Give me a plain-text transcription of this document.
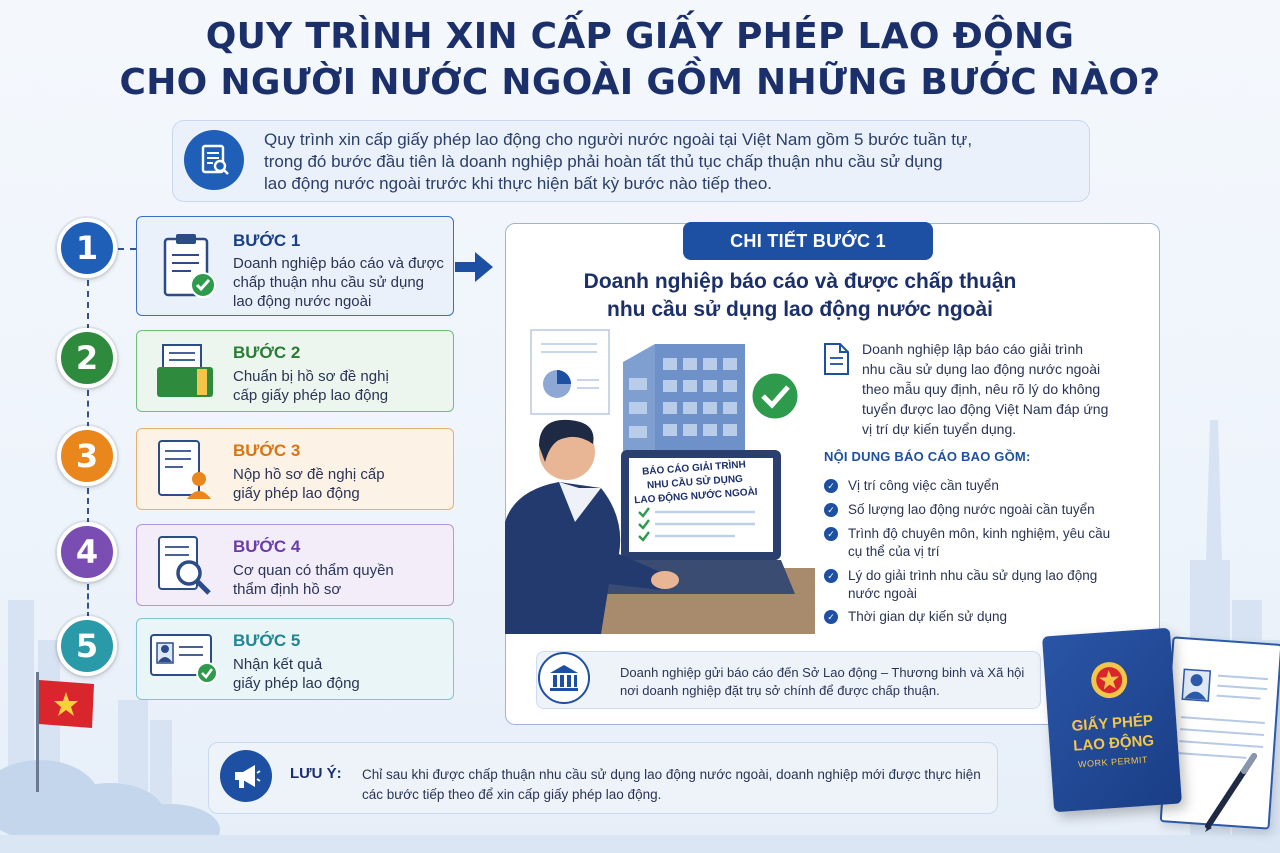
QUY TRÌNH XIN CẤP GIẤY PHÉP LAO ĐỘNG
CHO NGƯỜI NƯỚC NGOÀI GỒM NHỮNG BƯỚC NÀO?
Quy trình xin cấp giấy phép lao động cho người nước ngoài tại Việt Nam gồm 5 bước tuần tự,
trong đó bước đầu tiên là doanh nghiệp phải hoàn tất thủ tục chấp thuận nhu cầu sử dụng
lao động nước ngoài trước khi thực hiện bất kỳ bước nào tiếp theo.
1	BƯỚC 1
Doanh nghiệp báo cáo và được
chấp thuận nhu cầu sử dụng
lao động nước ngoài
2	BƯỚC 2
Chuẩn bị hồ sơ đề nghị
cấp giấy phép lao động
3	BƯỚC 3
Nộp hồ sơ đề nghị cấp
giấy phép lao động
4	BƯỚC 4
Cơ quan có thẩm quyền
thẩm định hồ sơ
5	BƯỚC 5
Nhận kết quả
giấy phép lao động
CHI TIẾT BƯỚC 1
Doanh nghiệp báo cáo và được chấp thuận
nhu cầu sử dụng lao động nước ngoài
BÁO CÁO GIẢI TRÌNH
NHU CẦU SỬ DỤNG
LAO ĐỘNG NƯỚC NGOÀI
Doanh nghiệp lập báo cáo giải trình
nhu cầu sử dụng lao động nước ngoài
theo mẫu quy định, nêu rõ lý do không
tuyển được lao động Việt Nam đáp ứng
vị trí dự kiến tuyển dụng.
NỘI DUNG BÁO CÁO BAO GỒM:
✓ Vị trí công việc cần tuyển
✓ Số lượng lao động nước ngoài cần tuyển
✓ Trình độ chuyên môn, kinh nghiệm, yêu cầu
cụ thể của vị trí
✓ Lý do giải trình nhu cầu sử dụng lao động
nước ngoài
✓ Thời gian dự kiến sử dụng
Doanh nghiệp gửi báo cáo đến Sở Lao động – Thương binh và Xã hội
nơi doanh nghiệp đặt trụ sở chính để được chấp thuận.
LƯU Ý: Chỉ sau khi được chấp thuận nhu cầu sử dụng lao động nước ngoài, doanh nghiệp mới được thực hiện
các bước tiếp theo để xin cấp giấy phép lao động.
GIẤY PHÉP
LAO ĐỘNG
WORK PERMIT
